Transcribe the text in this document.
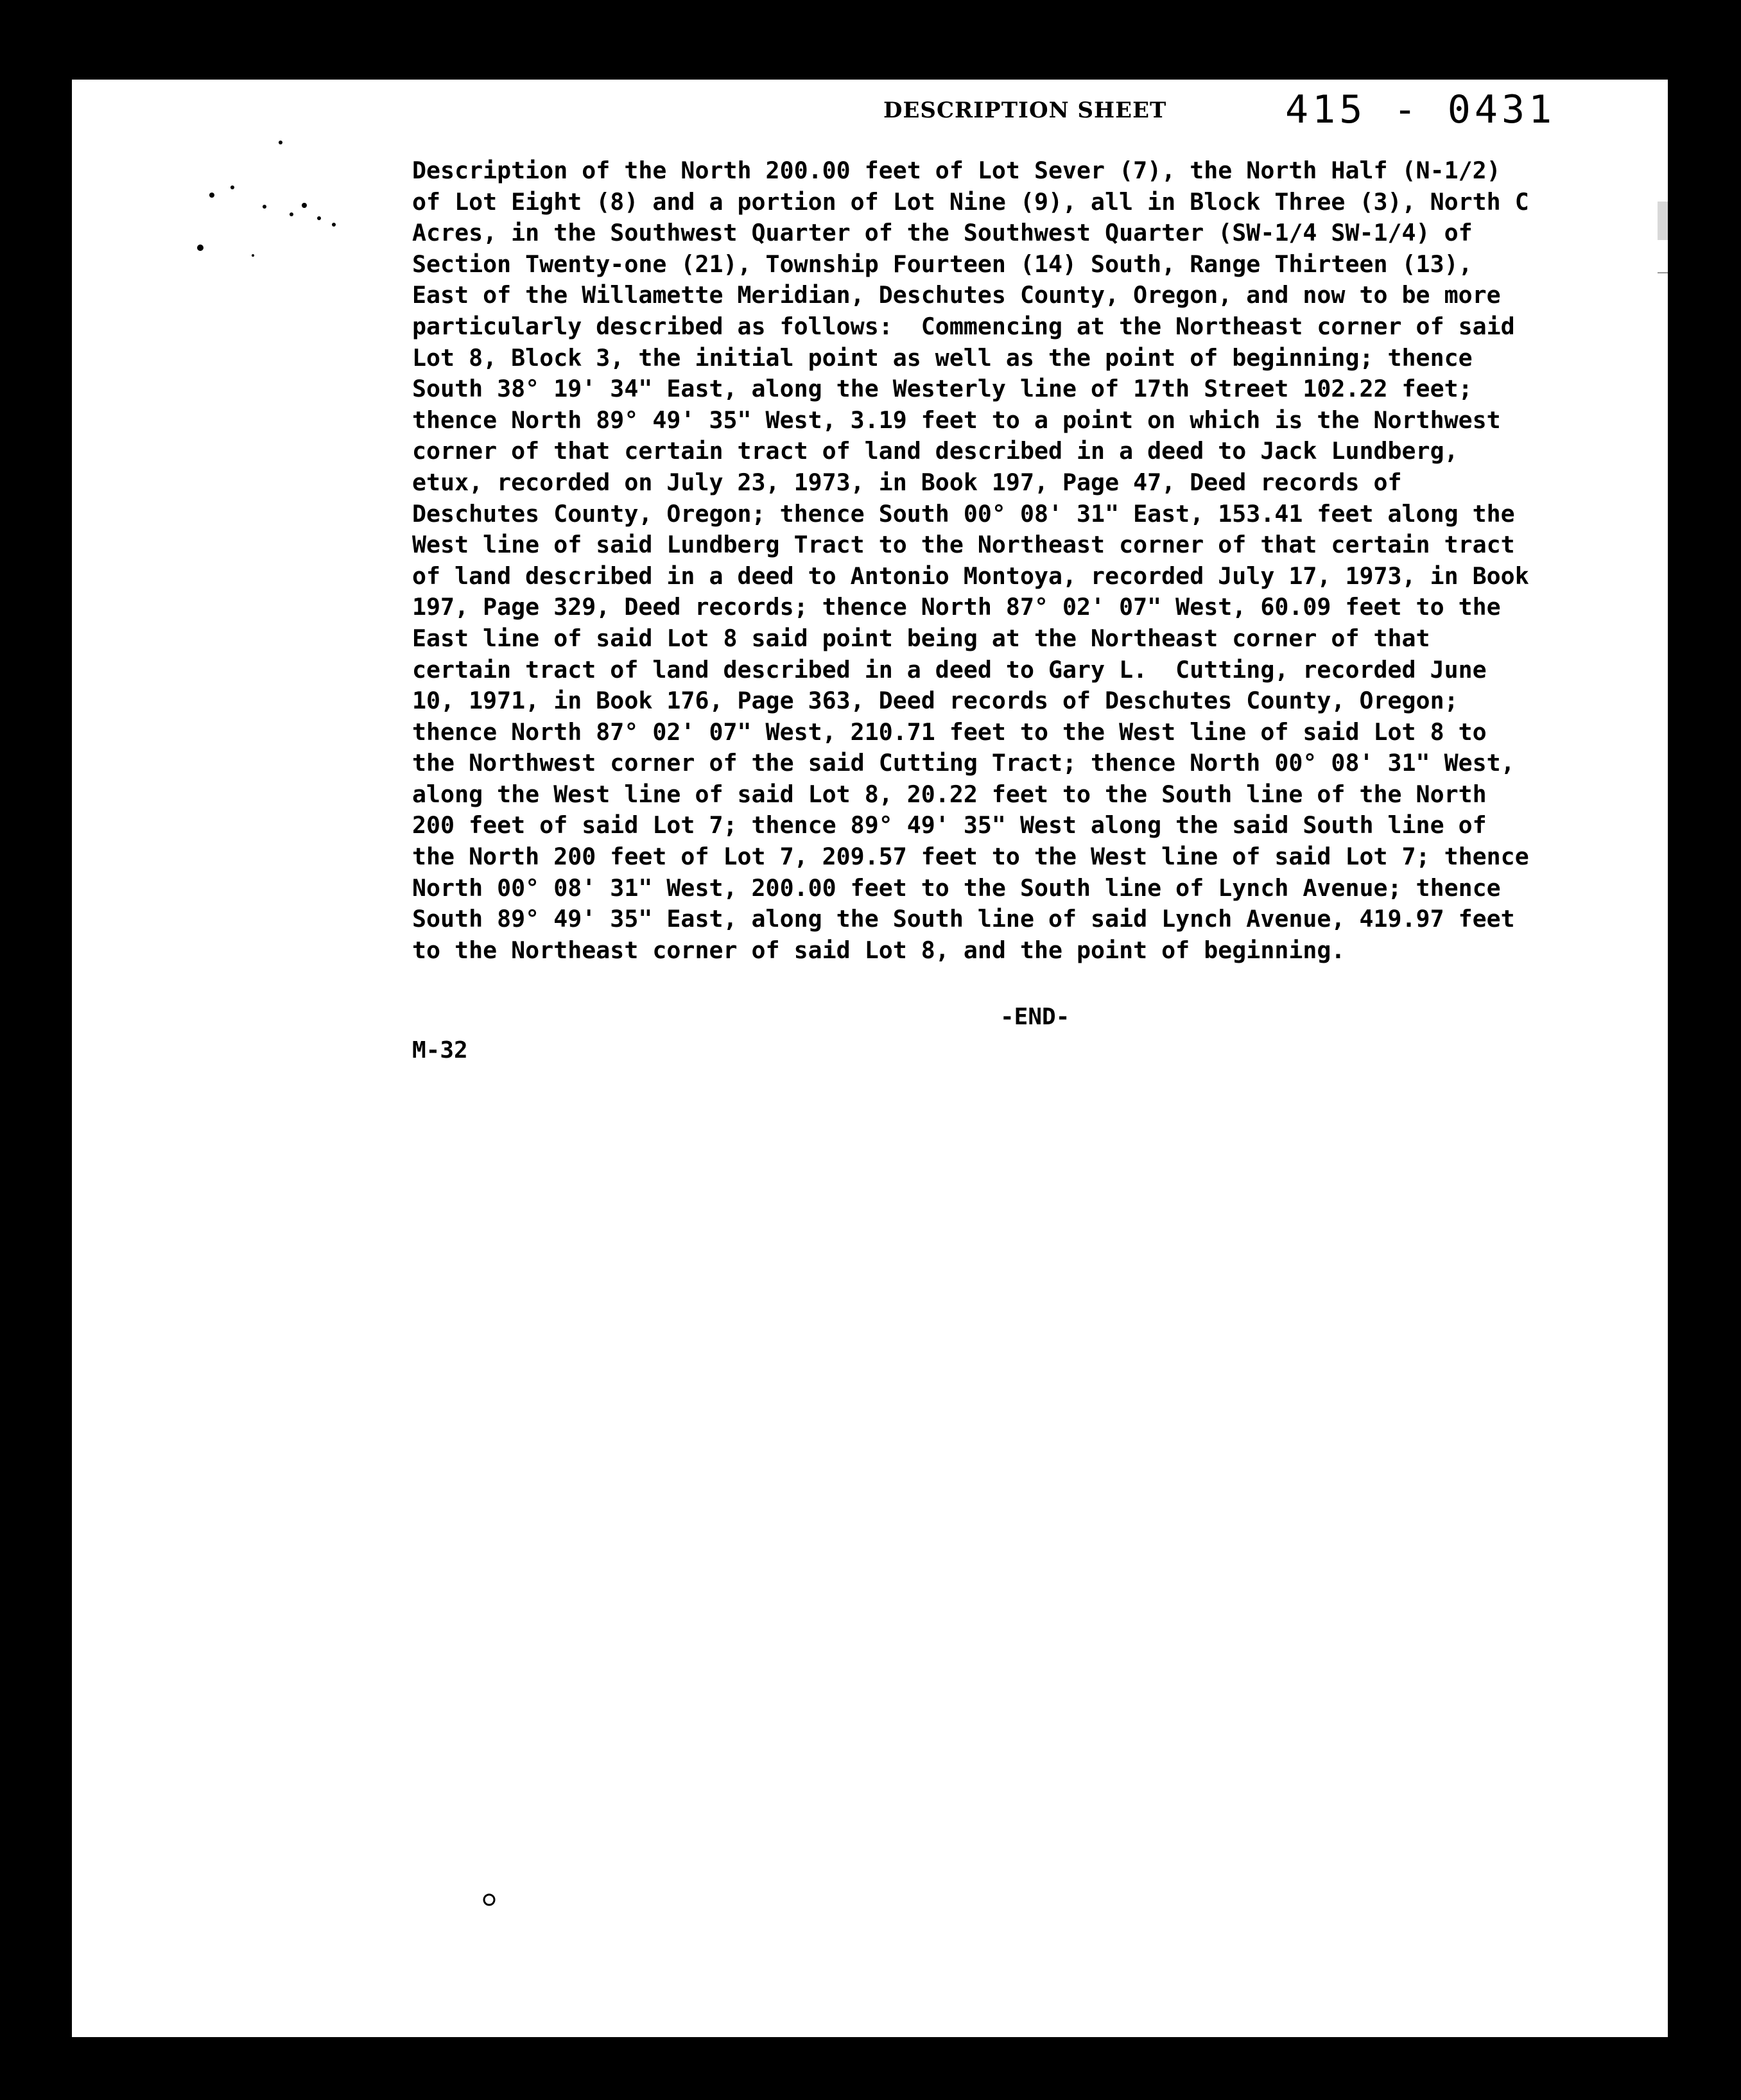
DESCRIPTION SHEET	415 - 0431
Description of the North 200.00 feet of Lot Sever (7), the North Half (N-1/2)
of Lot Eight (8) and a portion of Lot Nine (9), all in Block Three (3), North C
Acres, in the Southwest Quarter of the Southwest Quarter (SW-1/4 SW-1/4) of
Section Twenty-one (21), Township Fourteen (14) South, Range Thirteen (13),
East of the Willamette Meridian, Deschutes County, Oregon, and now to be more
particularly described as follows:  Commencing at the Northeast corner of said
Lot 8, Block 3, the initial point as well as the point of beginning; thence
South 38° 19' 34" East, along the Westerly line of 17th Street 102.22 feet;
thence North 89° 49' 35" West, 3.19 feet to a point on which is the Northwest
corner of that certain tract of land described in a deed to Jack Lundberg,
etux, recorded on July 23, 1973, in Book 197, Page 47, Deed records of
Deschutes County, Oregon; thence South 00° 08' 31" East, 153.41 feet along the
West line of said Lundberg Tract to the Northeast corner of that certain tract
of land described in a deed to Antonio Montoya, recorded July 17, 1973, in Book
197, Page 329, Deed records; thence North 87° 02' 07" West, 60.09 feet to the
East line of said Lot 8 said point being at the Northeast corner of that
certain tract of land described in a deed to Gary L.  Cutting, recorded June
10, 1971, in Book 176, Page 363, Deed records of Deschutes County, Oregon;
thence North 87° 02' 07" West, 210.71 feet to the West line of said Lot 8 to
the Northwest corner of the said Cutting Tract; thence North 00° 08' 31" West,
along the West line of said Lot 8, 20.22 feet to the South line of the North
200 feet of said Lot 7; thence 89° 49' 35" West along the said South line of
the North 200 feet of Lot 7, 209.57 feet to the West line of said Lot 7; thence
North 00° 08' 31" West, 200.00 feet to the South line of Lynch Avenue; thence
South 89° 49' 35" East, along the South line of said Lynch Avenue, 419.97 feet
to the Northeast corner of said Lot 8, and the point of beginning.
-END-
M-32
